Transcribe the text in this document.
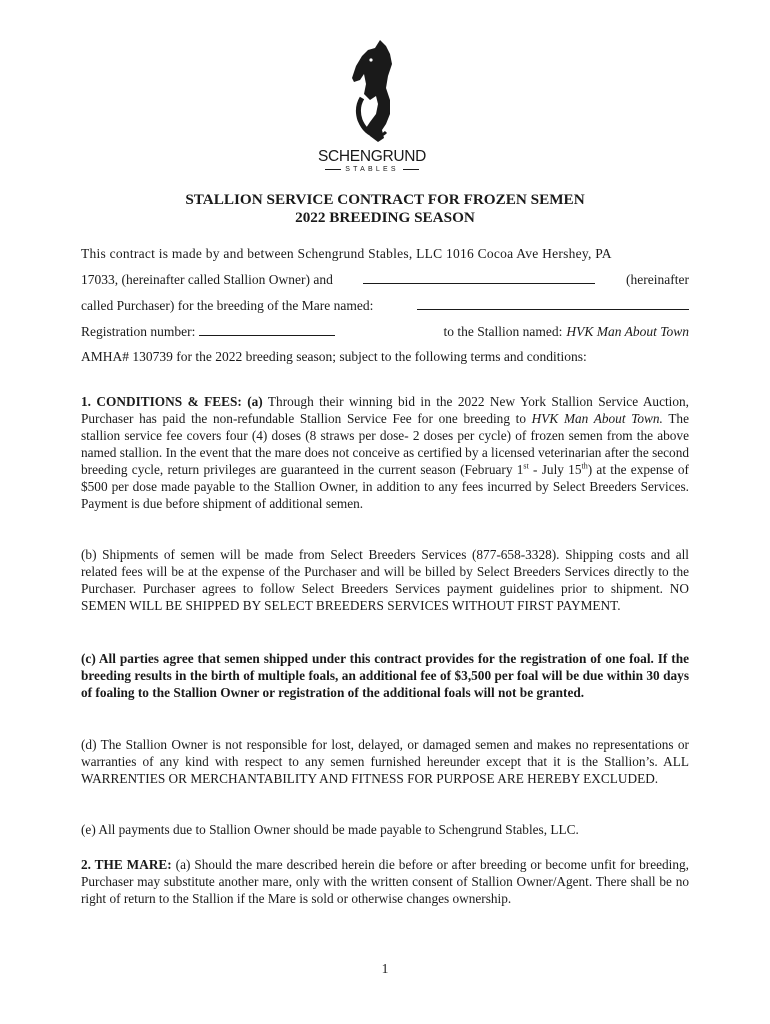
SCHENGRUND
STABLES
STALLION SERVICE CONTRACT FOR FROZEN SEMEN
2022 BREEDING SEASON
This contract is made by and between Schengrund Stables, LLC 1016 Cocoa Ave Hershey, PA
17033, (hereinafter called Stallion Owner) and	(hereinafter
called Purchaser) for the breeding of the Mare named:
Registration number:	to the Stallion named: HVK Man About Town
AMHA# 130739 for the 2022 breeding season; subject to the following terms and conditions:
1. CONDITIONS & FEES: (a) Through their winning bid in the 2022 New York Stallion Service Auction, Purchaser has paid the non-refundable Stallion Service Fee for one breeding to HVK Man About Town. The stallion service fee covers four (4) doses (8 straws per dose- 2 doses per cycle) of frozen semen from the above named stallion. In the event that the mare does not conceive as certified by a licensed veterinarian after the second breeding cycle, return privileges are guaranteed in the current season (February 1st - July 15th) at the expense of $500 per dose made payable to the Stallion Owner, in addition to any fees incurred by Select Breeders Services. Payment is due before shipment of additional semen.
(b) Shipments of semen will be made from Select Breeders Services (877-658-3328). Shipping costs and all related fees will be at the expense of the Purchaser and will be billed by Select Breeders Services directly to the Purchaser. Purchaser agrees to follow Select Breeders Services payment guidelines prior to shipment. NO SEMEN WILL BE SHIPPED BY SELECT BREEDERS SERVICES WITHOUT FIRST PAYMENT.
(c) All parties agree that semen shipped under this contract provides for the registration of one foal. If the breeding results in the birth of multiple foals, an additional fee of $3,500 per foal will be due within 30 days of foaling to the Stallion Owner or registration of the additional foals will not be granted.
(d) The Stallion Owner is not responsible for lost, delayed, or damaged semen and makes no representations or warranties of any kind with respect to any semen furnished hereunder except that it is the Stallion’s. ALL WARRENTIES OR MERCHANTABILITY AND FITNESS FOR PURPOSE ARE HEREBY EXCLUDED.
(e) All payments due to Stallion Owner should be made payable to Schengrund Stables, LLC.
2. THE MARE: (a) Should the mare described herein die before or after breeding or become unfit for breeding, Purchaser may substitute another mare, only with the written consent of Stallion Owner/Agent. There shall be no right of return to the Stallion if the Mare is sold or otherwise changes ownership.
1
